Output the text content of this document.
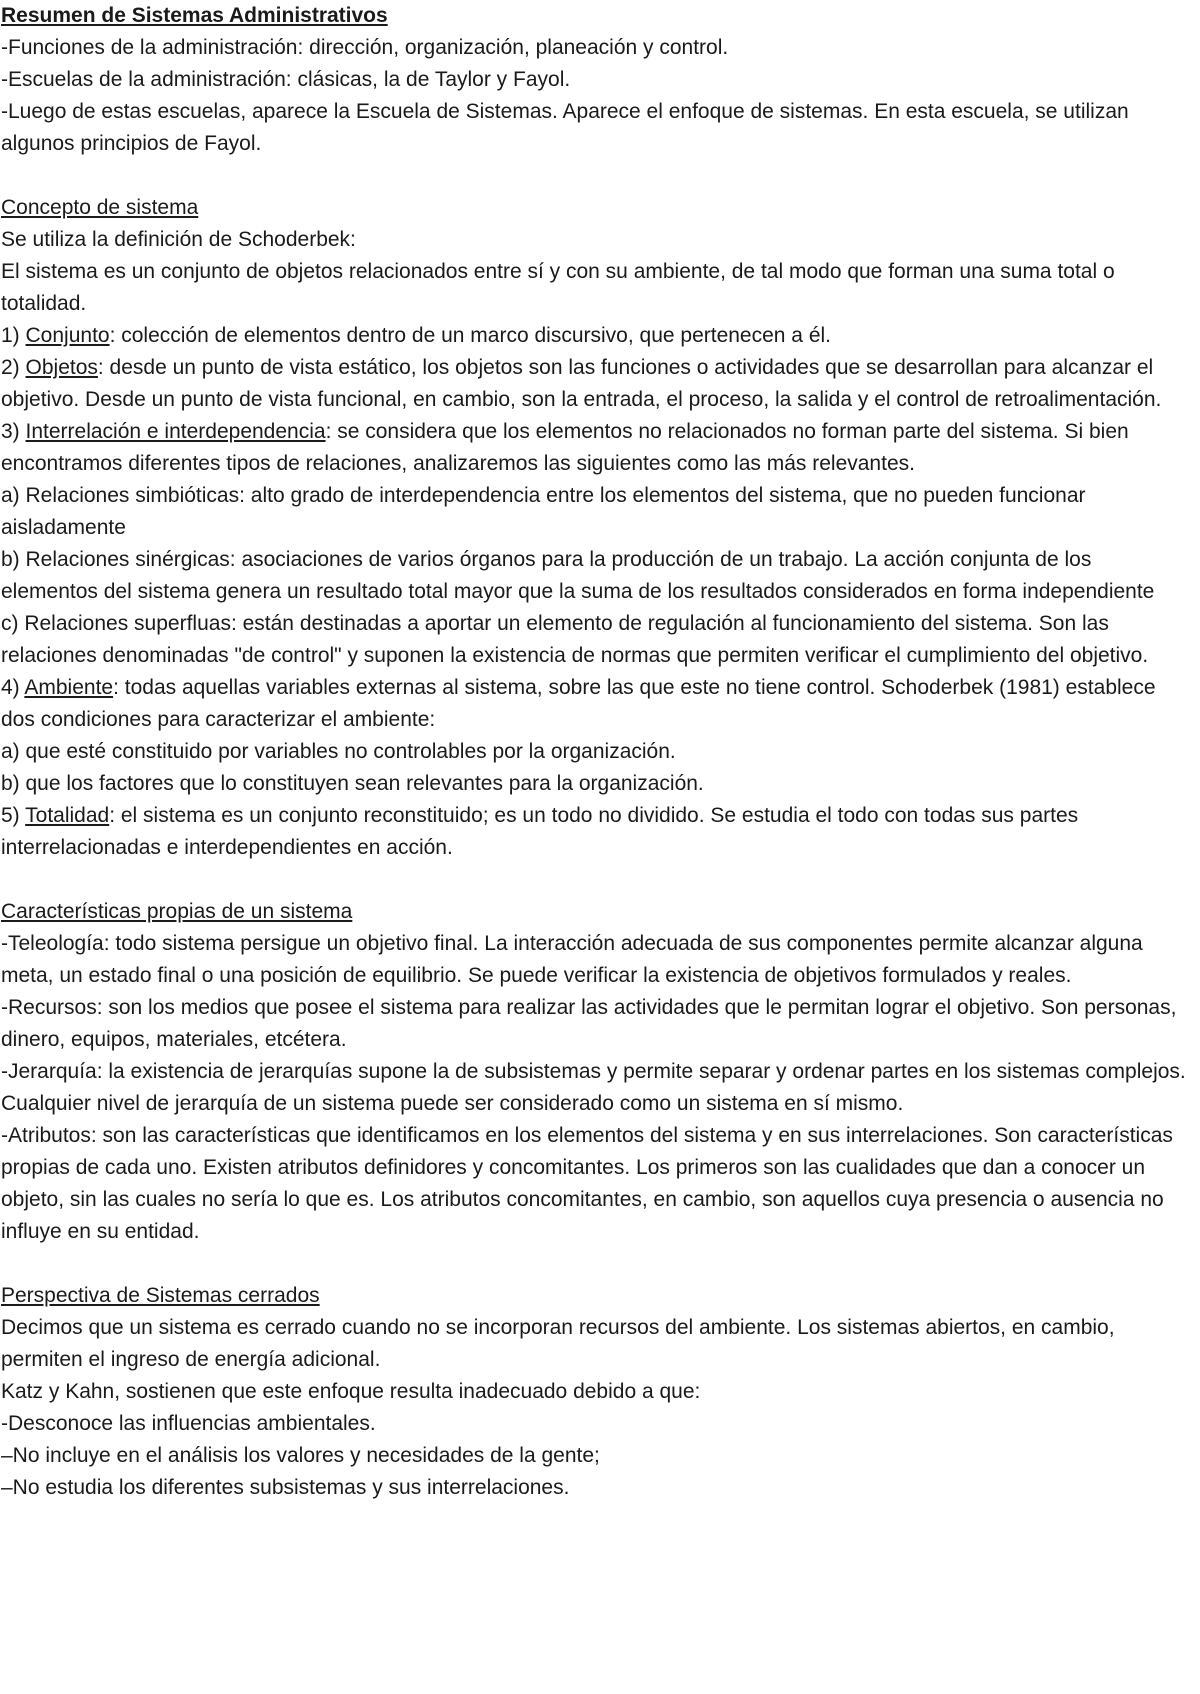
Resumen de Sistemas Administrativos

-Funciones de la administración: dirección, organización, planeación y control.

-Escuelas de la administración: clásicas, la de Taylor y Fayol.

-Luego de estas escuelas, aparece la Escuela de Sistemas. Aparece el enfoque de sistemas. En esta escuela, se utilizan algunos principios de Fayol.

Concepto de sistema

Se utiliza la definición de Schoderbek:

El sistema es un conjunto de objetos relacionados entre sí y con su ambiente, de tal modo que forman una suma total o totalidad.

1) Conjunto: colección de elementos dentro de un marco discursivo, que pertenecen a él.

2) Objetos: desde un punto de vista estático, los objetos son las funciones o actividades que se desarrollan para alcanzar el objetivo. Desde un punto de vista funcional, en cambio, son la entrada, el proceso, la salida y el control de retroalimentación.

3) Interrelación e interdependencia: se considera que los elementos no relacionados no forman parte del sistema. Si bien encontramos diferentes tipos de relaciones, analizaremos las siguientes como las más relevantes.

a) Relaciones simbióticas: alto grado de interdependencia entre los elementos del sistema, que no pueden funcionar aisladamente

b) Relaciones sinérgicas: asociaciones de varios órganos para la producción de un trabajo. La acción conjunta de los elementos del sistema genera un resultado total mayor que la suma de los resultados considerados en forma independiente

c) Relaciones superfluas: están destinadas a aportar un elemento de regulación al funcionamiento del sistema. Son las relaciones denominadas "de control" y suponen la existencia de normas que permiten verificar el cumplimiento del objetivo.

4) Ambiente: todas aquellas variables externas al sistema, sobre las que este no tiene control. Schoderbek (1981) establece dos condiciones para caracterizar el ambiente:

a) que esté constituido por variables no controlables por la organización.

b) que los factores que lo constituyen sean relevantes para la organización.

5) Totalidad: el sistema es un conjunto reconstituido; es un todo no dividido. Se estudia el todo con todas sus partes interrelacionadas e interdependientes en acción.

Características propias de un sistema

-Teleología: todo sistema persigue un objetivo final. La interacción adecuada de sus componentes permite alcanzar alguna meta, un estado final o una posición de equilibrio. Se puede verificar la existencia de objetivos formulados y reales.

-Recursos: son los medios que posee el sistema para realizar las actividades que le permitan lograr el objetivo. Son personas, dinero, equipos, materiales, etcétera.

-Jerarquía: la existencia de jerarquías supone la de subsistemas y permite separar y ordenar partes en los sistemas complejos. Cualquier nivel de jerarquía de un sistema puede ser considerado como un sistema en sí mismo.

-Atributos: son las características que identificamos en los elementos del sistema y en sus interrelaciones. Son características propias de cada uno. Existen atributos definidores y concomitantes. Los primeros son las cualidades que dan a conocer un objeto, sin las cuales no sería lo que es. Los atributos concomitantes, en cambio, son aquellos cuya presencia o ausencia no influye en su entidad.

Perspectiva de Sistemas cerrados

Decimos que un sistema es cerrado cuando no se incorporan recursos del ambiente. Los sistemas abiertos, en cambio, permiten el ingreso de energía adicional.

Katz y Kahn, sostienen que este enfoque resulta inadecuado debido a que:

-Desconoce las influencias ambientales.

–No incluye en el análisis los valores y necesidades de la gente;

–No estudia los diferentes subsistemas y sus interrelaciones.
